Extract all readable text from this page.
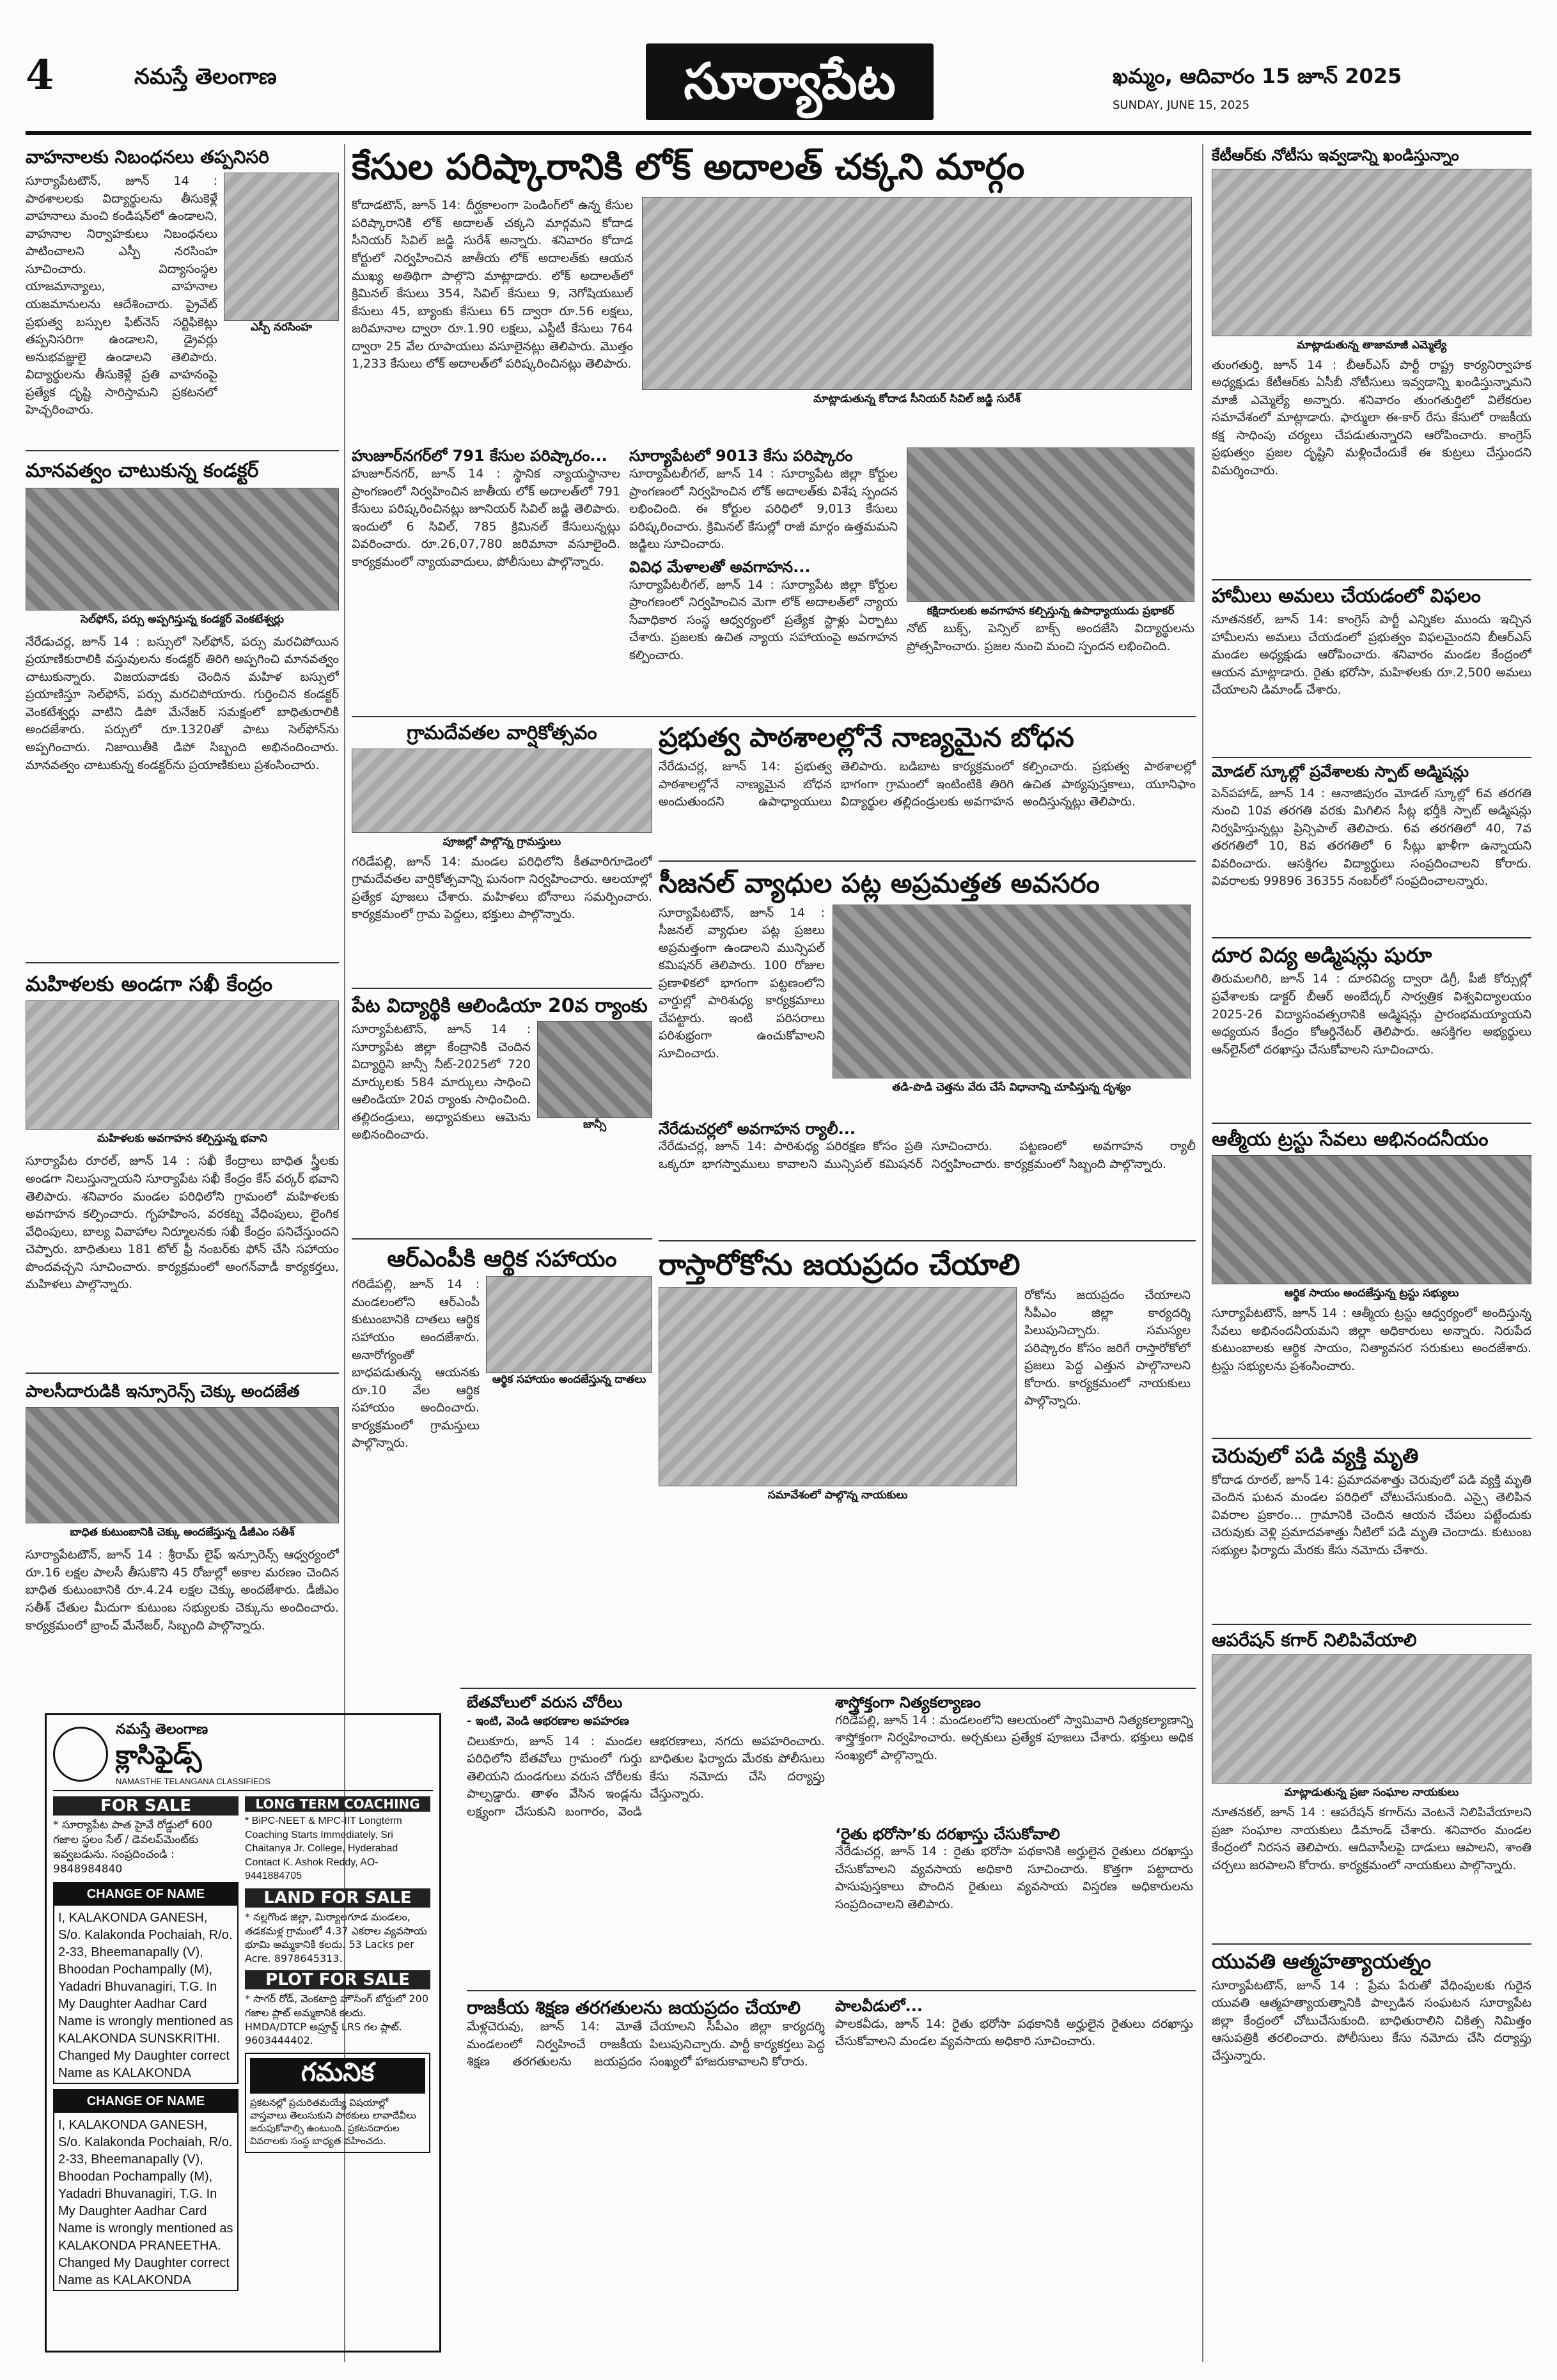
4	నమస్తే తెలంగాణ	సూర్యాపేట	ఖమ్మం, ఆదివారం 15 జూన్ 2025
SUNDAY, JUNE 15, 2025
వాహనాలకు నిబంధనలు తప్పనిసరి
సూర్యాపేటటౌన్, జూన్ 14 : పాఠశాలలకు విద్యార్థులను తీసుకెళ్లే వాహనాలు మంచి కండిషన్‌లో ఉండాలని, వాహనాల నిర్వాహకులు నిబంధనలు పాటించాలని ఎస్పీ నరసింహ సూచించారు. విద్యాసంస్థల యాజమాన్యాలు, వాహనాల యజమానులను ఆదేశించారు. ప్రైవేట్ ప్రభుత్వ బస్సుల ఫిట్‌నెస్ సర్టిఫికెట్లు తప్పనిసరిగా ఉండాలని, డ్రైవర్లు అనుభవజ్ఞులై ఉండాలని తెలిపారు. విద్యార్థులను తీసుకెళ్లే ప్రతి వాహనంపై ప్రత్యేక దృష్టి సారిస్తామని ప్రకటనలో హెచ్చరించారు.
ఎస్పీ నరసింహ
మానవత్వం చాటుకున్న కండక్టర్
సెల్‌ఫోన్, పర్సు అప్పగిస్తున్న కండక్టర్ వెంకటేశ్వర్లు
నేరేడుచర్ల, జూన్ 14 : బస్సులో సెల్‌ఫోన్, పర్సు మరచిపోయిన ప్రయాణికురాలికి వస్తువులను కండక్టర్ తిరిగి అప్పగించి మానవత్వం చాటుకున్నారు. విజయవాడకు చెందిన మహిళ బస్సులో ప్రయాణిస్తూ సెల్‌ఫోన్, పర్సు మరచిపోయారు. గుర్తించిన కండక్టర్ వెంకటేశ్వర్లు వాటిని డిపో మేనేజర్ సమక్షంలో బాధితురాలికి అందజేశారు. పర్సులో రూ.1320తో పాటు సెల్‌ఫోన్‌ను అప్పగించారు. నిజాయితీకి డిపో సిబ్బంది అభినందించారు. మానవత్వం చాటుకున్న కండక్టర్‌ను ప్రయాణికులు ప్రశంసించారు.
మహిళలకు అండగా సఖీ కేంద్రం
మహిళలకు అవగాహన కల్పిస్తున్న భవాని
సూర్యాపేట రూరల్, జూన్ 14 : సఖీ కేంద్రాలు బాధిత స్త్రీలకు అండగా నిలుస్తున్నాయని సూర్యాపేట సఖీ కేంద్రం కేస్ వర్కర్ భవాని తెలిపారు. శనివారం మండల పరిధిలోని గ్రామంలో మహిళలకు అవగాహన కల్పించారు. గృహహింస, వరకట్న వేధింపులు, లైంగిక వేధింపులు, బాల్య వివాహాల నిర్మూలనకు సఖీ కేంద్రం పనిచేస్తుందని చెప్పారు. బాధితులు 181 టోల్ ఫ్రీ నంబర్‌కు ఫోన్ చేసి సహాయం పొందవచ్చని సూచించారు. కార్యక్రమంలో అంగన్‌వాడీ కార్యకర్తలు, మహిళలు పాల్గొన్నారు.
పాలసీదారుడికి ఇన్సూరెన్స్ చెక్కు అందజేత
బాధిత కుటుంబానికి చెక్కు అందజేస్తున్న డీజీఎం సతీశ్
సూర్యాపేటటౌన్, జూన్ 14 : శ్రీరామ్ లైఫ్ ఇన్సూరెన్స్ ఆధ్వర్యంలో రూ.16 లక్షల పాలసీ తీసుకొని 45 రోజుల్లో అకాల మరణం చెందిన బాధిత కుటుంబానికి రూ.4.24 లక్షల చెక్కు అందజేశారు. డీజీఎం సతీశ్ చేతుల మీదుగా కుటుంబ సభ్యులకు చెక్కును అందించారు. కార్యక్రమంలో బ్రాంచ్ మేనేజర్, సిబ్బంది పాల్గొన్నారు.
నమస్తే తెలంగాణ
క్లాసిఫైడ్స్
NAMASTHE TELANGANA CLASSIFIEDS
FOR SALE
* సూర్యాపేట పాత హైవే రోడ్డులో 600 గజాల స్థలం సేల్ / డెవలప్‌మెంట్‌కు ఇవ్వబడును. సంప్రదించండి : 9848984840
CHANGE OF NAME
I, KALAKONDA GANESH, S/o. Kalakonda Pochaiah, R/o. 2-33, Bheemanapally (V), Bhoodan Pochampally (M), Yadadri Bhuvanagiri, T.G. In My Daughter Aadhar Card Name is wrongly mentioned as KALAKONDA SUNSKRITHI. Changed My Daughter correct Name as KALAKONDA
CHANGE OF NAME
I, KALAKONDA GANESH, S/o. Kalakonda Pochaiah, R/o. 2-33, Bheemanapally (V), Bhoodan Pochampally (M), Yadadri Bhuvanagiri, T.G. In My Daughter Aadhar Card Name is wrongly mentioned as KALAKONDA PRANEETHA. Changed My Daughter correct Name as KALAKONDA
LONG TERM COACHING
* BiPC-NEET & MPC-IIT Longterm Coaching Starts Immediately, Sri Chaitanya Jr. College, Hyderabad Contact K. Ashok Reddy, AO-9441884705
LAND FOR SALE
* నల్లగొండ జిల్లా, మిర్యాలగూడ మండలం, తడకమళ్ల గ్రామంలో 4.37 ఎకరాల వ్యవసాయ భూమి అమ్మకానికి కలదు. 53 Lacks per Acre. 8978645313.
PLOT FOR SALE
* సాగర్ రోడ్, వెంకటాద్రి హౌసింగ్ బోర్డులో 200 గజాల ప్లాట్ అమ్మకానికి కలదు. HMDA/DTCP అప్రూవ్డ్ LRS గల ప్లాట్. 9603444402.
గమనిక
ప్రకటనల్లో ప్రచురితమయ్యే విషయాల్లో వాస్తవాలు తెలుసుకుని పాఠకులు లావాదేవీలు జరుపుకోవాల్సి ఉంటుంది. ప్రకటనదారుల వివరాలకు సంస్థ బాధ్యత వహించదు.
కేసుల పరిష్కారానికి లోక్ అదాలత్ చక్కని మార్గం
కోదాడటౌన్, జూన్ 14: దీర్ఘకాలంగా పెండింగ్‌లో ఉన్న కేసుల పరిష్కారానికి లోక్ అదాలత్ చక్కని మార్గమని కోదాడ సీనియర్ సివిల్ జడ్జి సురేశ్ అన్నారు. శనివారం కోదాడ కోర్టులో నిర్వహించిన జాతీయ లోక్ అదాలత్‌కు ఆయన ముఖ్య అతిథిగా పాల్గొని మాట్లాడారు. లోక్ అదాలత్‌లో క్రిమినల్ కేసులు 354, సివిల్ కేసులు 9, నెగోషియబుల్ కేసులు 45, బ్యాంకు కేసులు 65 ద్వారా రూ.56 లక్షలు, జరిమానాల ద్వారా రూ.1.90 లక్షలు, ఎస్టీటీ కేసులు 764 ద్వారా 25 వేల రూపాయలు వసూలైనట్లు తెలిపారు. మొత్తం 1,233 కేసులు లోక్ అదాలత్‌లో పరిష్కరించినట్లు తెలిపారు.
మాట్లాడుతున్న కోదాడ సీనియర్ సివిల్ జడ్జి సురేశ్
హుజూర్‌నగర్‌లో 791 కేసుల పరిష్కారం...
హుజూర్‌నగర్, జూన్ 14 : స్థానిక న్యాయస్థానాల ప్రాంగణంలో నిర్వహించిన జాతీయ లోక్ అదాలత్‌లో 791 కేసులు పరిష్కరించినట్లు జూనియర్ సివిల్ జడ్జి తెలిపారు. ఇందులో 6 సివిల్, 785 క్రిమినల్ కేసులున్నట్లు వివరించారు. రూ.26,07,780 జరిమానా వసూలైంది. కార్యక్రమంలో న్యాయవాదులు, పోలీసులు పాల్గొన్నారు.
సూర్యాపేటలో 9013 కేసు పరిష్కారం
సూర్యాపేటలీగల్, జూన్ 14 : సూర్యాపేట జిల్లా కోర్టుల ప్రాంగణంలో నిర్వహించిన లోక్ అదాలత్‌కు విశేష స్పందన లభించింది. ఈ కోర్టుల పరిధిలో 9,013 కేసులు పరిష్కరించారు. క్రిమినల్ కేసుల్లో రాజీ మార్గం ఉత్తమమని జడ్జిలు సూచించారు.
వివిధ మేళాలతో అవగాహన...
సూర్యాపేటలీగల్, జూన్ 14 : సూర్యాపేట జిల్లా కోర్టుల ప్రాంగణంలో నిర్వహించిన మెగా లోక్ అదాలత్‌లో న్యాయ సేవాధికార సంస్థ ఆధ్వర్యంలో ప్రత్యేక స్టాళ్లు ఏర్పాటు చేశారు. ప్రజలకు ఉచిత న్యాయ సహాయంపై అవగాహన కల్పించారు.
కక్షిదారులకు అవగాహన కల్పిస్తున్న ఉపాధ్యాయుడు ప్రభాకర్
నోట్ బుక్స్, పెన్సిల్ బాక్స్ అందజేసి విద్యార్థులను ప్రోత్సహించారు. ప్రజల నుంచి మంచి స్పందన లభించింది.
గ్రామదేవతల వార్షికోత్సవం
పూజల్లో పాల్గొన్న గ్రామస్తులు
గరిడేపల్లి, జూన్ 14: మండల పరిధిలోని కీతవారిగూడెంలో గ్రామదేవతల వార్షికోత్సవాన్ని ఘనంగా నిర్వహించారు. ఆలయాల్లో ప్రత్యేక పూజలు చేశారు. మహిళలు బోనాలు సమర్పించారు. కార్యక్రమంలో గ్రామ పెద్దలు, భక్తులు పాల్గొన్నారు.
పేట విద్యార్థికి ఆలిండియా 20వ ర్యాంకు
సూర్యాపేటటౌన్, జూన్ 14 : సూర్యాపేట జిల్లా కేంద్రానికి చెందిన విద్యార్థిని జాన్సీ నీట్-2025లో 720 మార్కులకు 584 మార్కులు సాధించి ఆలిండియా 20వ ర్యాంకు సాధించింది. తల్లిదండ్రులు, అధ్యాపకులు ఆమెను అభినందించారు.
జాన్సీ
ఆర్ఎంపీకి ఆర్థిక సహాయం
గరిడేపల్లి, జూన్ 14 : మండలంలోని ఆర్ఎంపీ కుటుంబానికి దాతలు ఆర్థిక సహాయం అందజేశారు. అనారోగ్యంతో బాధపడుతున్న ఆయనకు రూ.10 వేల ఆర్థిక సహాయం అందించారు. కార్యక్రమంలో గ్రామస్తులు పాల్గొన్నారు.
ఆర్థిక సహాయం అందజేస్తున్న దాతలు
ప్రభుత్వ పాఠశాలల్లోనే నాణ్యమైన బోధన
నేరేడుచర్ల, జూన్ 14: ప్రభుత్వ పాఠశాలల్లోనే నాణ్యమైన బోధన అందుతుందని ఉపాధ్యాయులు తెలిపారు. బడిబాట కార్యక్రమంలో భాగంగా గ్రామంలో ఇంటింటికి తిరిగి విద్యార్థుల తల్లిదండ్రులకు అవగాహన కల్పించారు. ప్రభుత్వ పాఠశాలల్లో ఉచిత పాఠ్యపుస్తకాలు, యూనిఫాం అందిస్తున్నట్లు తెలిపారు.
సీజనల్ వ్యాధుల పట్ల అప్రమత్తత అవసరం
సూర్యాపేటటౌన్, జూన్ 14 : సీజనల్ వ్యాధుల పట్ల ప్రజలు అప్రమత్తంగా ఉండాలని మున్సిపల్ కమిషనర్ తెలిపారు. 100 రోజుల ప్రణాళికలో భాగంగా పట్టణంలోని వార్డుల్లో పారిశుధ్య కార్యక్రమాలు చేపట్టారు. ఇంటి పరిసరాలు పరిశుభ్రంగా ఉంచుకోవాలని సూచించారు.
తడి-పొడి చెత్తను వేరు చేసే విధానాన్ని చూపిస్తున్న దృశ్యం
నేరేడుచర్లలో అవగాహన ర్యాలీ...
నేరేడుచర్ల, జూన్ 14: పారిశుధ్య పరిరక్షణ కోసం ప్రతి ఒక్కరూ భాగస్వాములు కావాలని మున్సిపల్ కమిషనర్ సూచించారు. పట్టణంలో అవగాహన ర్యాలీ నిర్వహించారు. కార్యక్రమంలో సిబ్బంది పాల్గొన్నారు.
రాస్తారోకోను జయప్రదం చేయాలి
సమావేశంలో పాల్గొన్న నాయకులు
రోకోను జయప్రదం చేయాలని సీపీఎం జిల్లా కార్యదర్శి పిలుపునిచ్చారు. సమస్యల పరిష్కారం కోసం జరిగే రాస్తారోకోలో ప్రజలు పెద్ద ఎత్తున పాల్గొనాలని కోరారు. కార్యక్రమంలో నాయకులు పాల్గొన్నారు.
బేతవోలులో వరుస చోరీలు
- ఇంటి, వెండి ఆభరణాల అపహరణ
చిలుకూరు, జూన్ 14 : మండల పరిధిలోని బేతవోలు గ్రామంలో గుర్తు తెలియని దుండగులు వరుస చోరీలకు పాల్పడ్డారు. తాళం వేసిన ఇండ్లను లక్ష్యంగా చేసుకుని బంగారం, వెండి ఆభరణాలు, నగదు అపహరించారు. బాధితుల ఫిర్యాదు మేరకు పోలీసులు కేసు నమోదు చేసి దర్యాప్తు చేస్తున్నారు.
శాస్త్రోక్తంగా నిత్యకల్యాణం
గరిడేపల్లి, జూన్ 14 : మండలంలోని ఆలయంలో స్వామివారి నిత్యకల్యాణాన్ని శాస్త్రోక్తంగా నిర్వహించారు. అర్చకులు ప్రత్యేక పూజలు చేశారు. భక్తులు అధిక సంఖ్యలో పాల్గొన్నారు.
‘రైతు భరోసా’కు దరఖాస్తు చేసుకోవాలి
నేరేడుచర్ల, జూన్ 14 : రైతు భరోసా పథకానికి అర్హులైన రైతులు దరఖాస్తు చేసుకోవాలని వ్యవసాయ అధికారి సూచించారు. కొత్తగా పట్టాదారు పాసుపుస్తకాలు పొందిన రైతులు వ్యవసాయ విస్తరణ అధికారులను సంప్రదించాలని తెలిపారు.
రాజకీయ శిక్షణ తరగతులను జయప్రదం చేయాలి
మేళ్లచెరువు, జూన్ 14: మోతే మండలంలో నిర్వహించే రాజకీయ శిక్షణ తరగతులను జయప్రదం చేయాలని సీపీఎం జిల్లా కార్యదర్శి పిలుపునిచ్చారు. పార్టీ కార్యకర్తలు పెద్ద సంఖ్యలో హాజరుకావాలని కోరారు.
పాలవీడులో...
పాలకవీడు, జూన్ 14: రైతు భరోసా పథకానికి అర్హులైన రైతులు దరఖాస్తు చేసుకోవాలని మండల వ్యవసాయ అధికారి సూచించారు.
కేటీఆర్‌కు నోటీసు ఇవ్వడాన్ని ఖండిస్తున్నాం
మాట్లాడుతున్న తాజామాజీ ఎమ్మెల్యే
తుంగతుర్తి, జూన్ 14 : బీఆర్ఎస్ పార్టీ రాష్ట్ర కార్యనిర్వాహక అధ్యక్షుడు కేటీఆర్‌కు ఏసీబీ నోటీసులు ఇవ్వడాన్ని ఖండిస్తున్నామని మాజీ ఎమ్మెల్యే అన్నారు. శనివారం తుంగతుర్తిలో విలేకరుల సమావేశంలో మాట్లాడారు. ఫార్ములా ఈ-కార్ రేసు కేసులో రాజకీయ కక్ష సాధింపు చర్యలు చేపడుతున్నారని ఆరోపించారు. కాంగ్రెస్ ప్రభుత్వం ప్రజల దృష్టిని మళ్లించేందుకే ఈ కుట్రలు చేస్తుందని విమర్శించారు.
హామీలు అమలు చేయడంలో విఫలం
నూతనకల్, జూన్ 14: కాంగ్రెస్ పార్టీ ఎన్నికల ముందు ఇచ్చిన హామీలను అమలు చేయడంలో ప్రభుత్వం విఫలమైందని బీఆర్ఎస్ మండల అధ్యక్షుడు ఆరోపించారు. శనివారం మండల కేంద్రంలో ఆయన మాట్లాడారు. రైతు భరోసా, మహిళలకు రూ.2,500 అమలు చేయాలని డిమాండ్ చేశారు.
మోడల్ స్కూల్లో ప్రవేశాలకు స్పాట్ అడ్మిషన్లు
పెన్‌పహాడ్, జూన్ 14 : ఆనాజిపురం మోడల్ స్కూల్లో 6వ తరగతి నుంచి 10వ తరగతి వరకు మిగిలిన సీట్ల భర్తీకి స్పాట్ అడ్మిషన్లు నిర్వహిస్తున్నట్లు ప్రిన్సిపాల్ తెలిపారు. 6వ తరగతిలో 40, 7వ తరగతిలో 10, 8వ తరగతిలో 6 సీట్లు ఖాళీగా ఉన్నాయని వివరించారు. ఆసక్తిగల విద్యార్థులు సంప్రదించాలని కోరారు. వివరాలకు 99896 36355 నంబర్‌లో సంప్రదించాలన్నారు.
దూర విద్య అడ్మిషన్లు షురూ
తిరుమలగిరి, జూన్ 14 : దూరవిద్య ద్వారా డిగ్రీ, పీజీ కోర్సుల్లో ప్రవేశాలకు డాక్టర్ బీఆర్ అంబేద్కర్ సార్వత్రిక విశ్వవిద్యాలయం 2025-26 విద్యాసంవత్సరానికి అడ్మిషన్లు ప్రారంభమయ్యాయని అధ్యయన కేంద్రం కోఆర్డినేటర్ తెలిపారు. ఆసక్తిగల అభ్యర్థులు ఆన్‌లైన్‌లో దరఖాస్తు చేసుకోవాలని సూచించారు.
ఆత్మీయ ట్రస్టు సేవలు అభినందనీయం
ఆర్థిక సాయం అందజేస్తున్న ట్రస్టు సభ్యులు
సూర్యాపేటటౌన్, జూన్ 14 : ఆత్మీయ ట్రస్టు ఆధ్వర్యంలో అందిస్తున్న సేవలు అభినందనీయమని జిల్లా అధికారులు అన్నారు. నిరుపేద కుటుంబాలకు ఆర్థిక సాయం, నిత్యావసర సరుకులు అందజేశారు. ట్రస్టు సభ్యులను ప్రశంసించారు.
చెరువులో పడి వ్యక్తి మృతి
కోదాడ రూరల్, జూన్ 14: ప్రమాదవశాత్తు చెరువులో పడి వ్యక్తి మృతి చెందిన ఘటన మండల పరిధిలో చోటుచేసుకుంది. ఎస్సై తెలిపిన వివరాల ప్రకారం... గ్రామానికి చెందిన ఆయన చేపలు పట్టేందుకు చెరువుకు వెళ్లి ప్రమాదవశాత్తు నీటిలో పడి మృతి చెందాడు. కుటుంబ సభ్యుల ఫిర్యాదు మేరకు కేసు నమోదు చేశారు.
ఆపరేషన్ కగార్ నిలిపివేయాలి
మాట్లాడుతున్న ప్రజా సంఘాల నాయకులు
నూతనకల్, జూన్ 14 : ఆపరేషన్ కగార్‌ను వెంటనే నిలిపివేయాలని ప్రజా సంఘాల నాయకులు డిమాండ్ చేశారు. శనివారం మండల కేంద్రంలో నిరసన తెలిపారు. ఆదివాసీలపై దాడులు ఆపాలని, శాంతి చర్చలు జరపాలని కోరారు. కార్యక్రమంలో నాయకులు పాల్గొన్నారు.
యువతి ఆత్మహత్యాయత్నం
సూర్యాపేటటౌన్, జూన్ 14 : ప్రేమ పేరుతో వేధింపులకు గురైన యువతి ఆత్మహత్యాయత్నానికి పాల్పడిన సంఘటన సూర్యాపేట జిల్లా కేంద్రంలో చోటుచేసుకుంది. బాధితురాలిని చికిత్స నిమిత్తం ఆసుపత్రికి తరలించారు. పోలీసులు కేసు నమోదు చేసి దర్యాప్తు చేస్తున్నారు.
